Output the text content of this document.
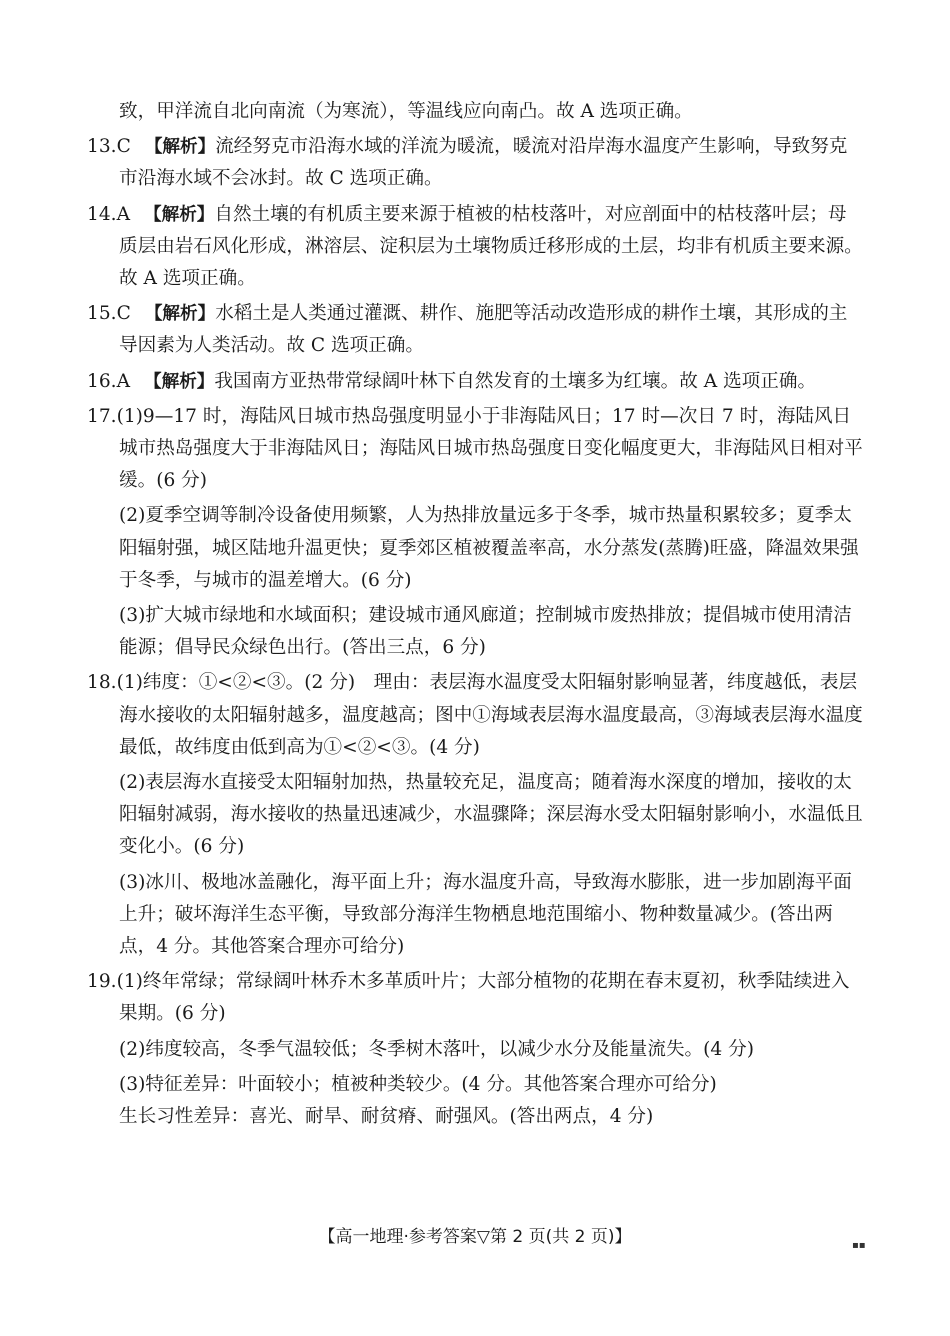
致，甲洋流自北向南流（为寒流），等温线应向南凸。故 A 选项正确。

13.C 【解析】流经努克市沿海水域的洋流为暖流，暖流对沿岸海水温度产生影响，导致努克市沿海水域不会冰封。故 C 选项正确。

14.A 【解析】自然土壤的有机质主要来源于植被的枯枝落叶，对应剖面中的枯枝落叶层；母质层由岩石风化形成，淋溶层、淀积层为土壤物质迁移形成的土层，均非有机质主要来源。故 A 选项正确。

15.C 【解析】水稻土是人类通过灌溉、耕作、施肥等活动改造形成的耕作土壤，其形成的主导因素为人类活动。故 C 选项正确。

16.A 【解析】我国南方亚热带常绿阔叶林下自然发育的土壤多为红壤。故 A 选项正确。

17.(1)9—17 时，海陆风日城市热岛强度明显小于非海陆风日；17 时—次日 7 时，海陆风日城市热岛强度大于非海陆风日；海陆风日城市热岛强度日变化幅度更大，非海陆风日相对平缓。(6 分)

(2)夏季空调等制冷设备使用频繁，人为热排放量远多于冬季，城市热量积累较多；夏季太阳辐射强，城区陆地升温更快；夏季郊区植被覆盖率高，水分蒸发(蒸腾)旺盛，降温效果强于冬季，与城市的温差增大。(6 分)

(3)扩大城市绿地和水域面积；建设城市通风廊道；控制城市废热排放；提倡城市使用清洁能源；倡导民众绿色出行。(答出三点，6 分)

18.(1)纬度：①<②<③。(2 分)　理由：表层海水温度受太阳辐射影响显著，纬度越低，表层海水接收的太阳辐射越多，温度越高；图中①海域表层海水温度最高，③海域表层海水温度最低，故纬度由低到高为①<②<③。(4 分)

(2)表层海水直接受太阳辐射加热，热量较充足，温度高；随着海水深度的增加，接收的太阳辐射减弱，海水接收的热量迅速减少，水温骤降；深层海水受太阳辐射影响小，水温低且变化小。(6 分)

(3)冰川、极地冰盖融化，海平面上升；海水温度升高，导致海水膨胀，进一步加剧海平面上升；破坏海洋生态平衡，导致部分海洋生物栖息地范围缩小、物种数量减少。(答出两点，4 分。其他答案合理亦可给分)

19.(1)终年常绿；常绿阔叶林乔木多革质叶片；大部分植物的花期在春末夏初，秋季陆续进入果期。(6 分)

(2)纬度较高，冬季气温较低；冬季树木落叶，以减少水分及能量流失。(4 分)

(3)特征差异：叶面较小；植被种类较少。(4 分。其他答案合理亦可给分)

生长习性差异：喜光、耐旱、耐贫瘠、耐强风。(答出两点，4 分)

【高一地理·参考答案▽第 2 页(共 2 页)】	▪▪
